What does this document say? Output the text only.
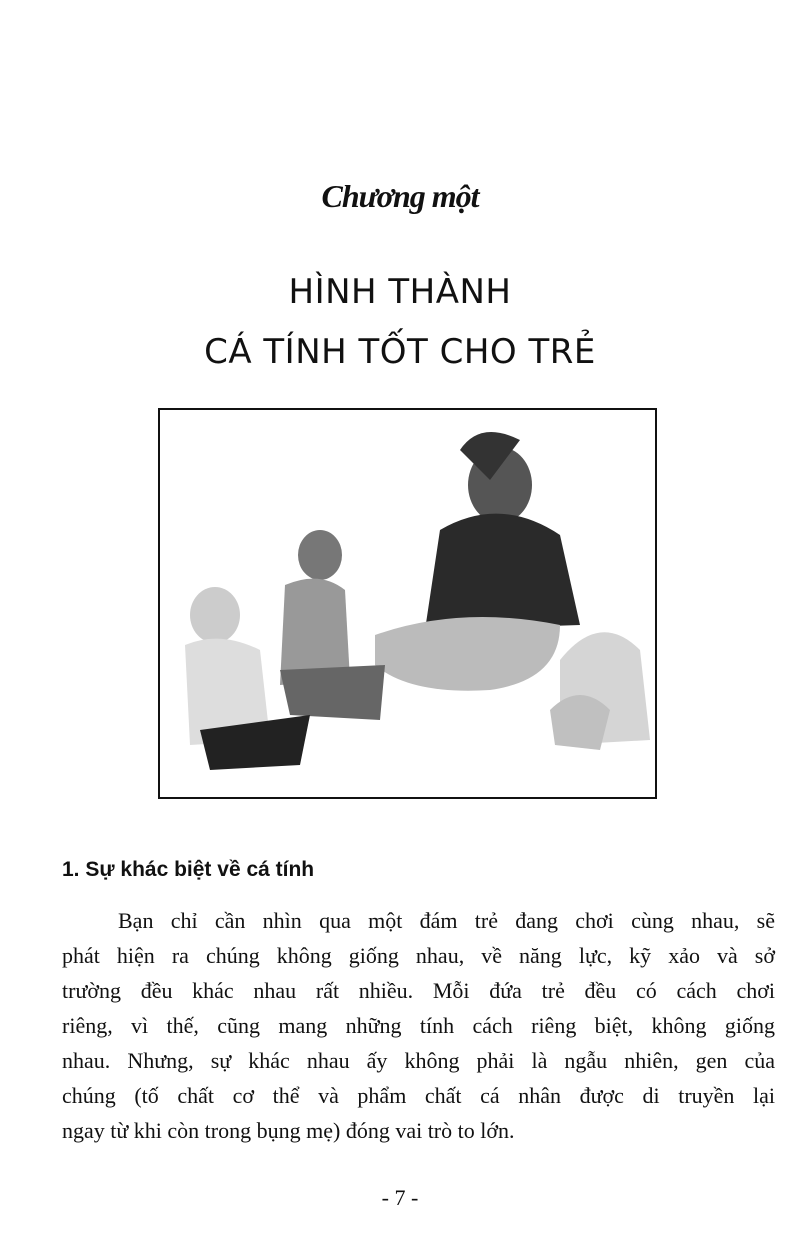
Chương một
HÌNH THÀNH
CÁ TÍNH TỐT CHO TRẺ
1. Sự khác biệt về cá tính
Bạn chỉ cần nhìn qua một đám trẻ đang chơi cùng nhau, sẽ
phát hiện ra chúng không giống nhau, về năng lực, kỹ xảo và sở
trường đều khác nhau rất nhiều. Mỗi đứa trẻ đều có cách chơi
riêng, vì thế, cũng mang những tính cách riêng biệt, không giống
nhau. Nhưng, sự khác nhau ấy không phải là ngẫu nhiên, gen của
chúng (tố chất cơ thể và phẩm chất cá nhân được di truyền lại
ngay từ khi còn trong bụng mẹ) đóng vai trò to lớn.
- 7 -
